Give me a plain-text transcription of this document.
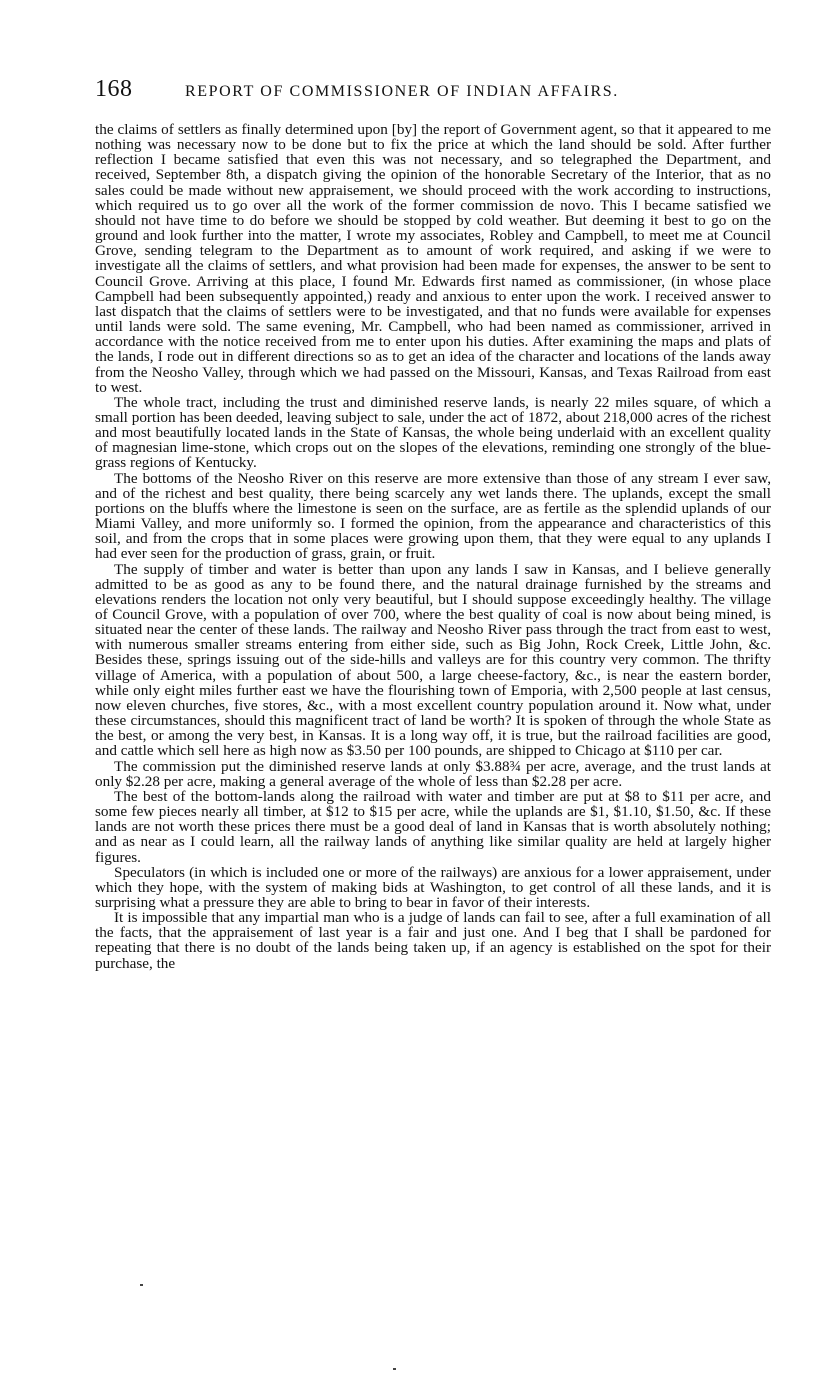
168	REPORT OF COMMISSIONER OF INDIAN AFFAIRS.

the claims of settlers as finally determined upon [by] the report of Government agent, so that it appeared to me nothing was necessary now to be done but to fix the price at which the land should be sold. After further reflection I became satisfied that even this was not necessary, and so telegraphed the Department, and received, September 8th, a dispatch giving the opinion of the honorable Secretary of the Interior, that as no sales could be made without new appraisement, we should proceed with the work according to instructions, which required us to go over all the work of the former commission de novo. This I became satisfied we should not have time to do before we should be stopped by cold weather. But deeming it best to go on the ground and look further into the matter, I wrote my associates, Robley and Campbell, to meet me at Council Grove, sending telegram to the Department as to amount of work required, and asking if we were to investigate all the claims of settlers, and what provision had been made for expenses, the answer to be sent to Council Grove. Arriving at this place, I found Mr. Edwards first named as commissioner, (in whose place Campbell had been subsequently appointed,) ready and anxious to enter upon the work. I received answer to last dispatch that the claims of settlers were to be investigated, and that no funds were available for expenses until lands were sold. The same evening, Mr. Campbell, who had been named as commissioner, arrived in accordance with the notice received from me to enter upon his duties. After examining the maps and plats of the lands, I rode out in different directions so as to get an idea of the character and locations of the lands away from the Neosho Valley, through which we had passed on the Missouri, Kansas, and Texas Railroad from east to west.

The whole tract, including the trust and diminished reserve lands, is nearly 22 miles square, of which a small portion has been deeded, leaving subject to sale, under the act of 1872, about 218,000 acres of the richest and most beautifully located lands in the State of Kansas, the whole being underlaid with an excellent quality of magnesian lime-stone, which crops out on the slopes of the elevations, reminding one strongly of the blue-grass regions of Kentucky.

The bottoms of the Neosho River on this reserve are more extensive than those of any stream I ever saw, and of the richest and best quality, there being scarcely any wet lands there. The uplands, except the small portions on the bluffs where the limestone is seen on the surface, are as fertile as the splendid uplands of our Miami Valley, and more uniformly so. I formed the opinion, from the appearance and characteristics of this soil, and from the crops that in some places were growing upon them, that they were equal to any uplands I had ever seen for the production of grass, grain, or fruit.

The supply of timber and water is better than upon any lands I saw in Kansas, and I believe generally admitted to be as good as any to be found there, and the natural drainage furnished by the streams and elevations renders the location not only very beautiful, but I should suppose exceedingly healthy. The village of Council Grove, with a population of over 700, where the best quality of coal is now about being mined, is situated near the center of these lands. The railway and Neosho River pass through the tract from east to west, with numerous smaller streams entering from either side, such as Big John, Rock Creek, Little John, &c. Besides these, springs issuing out of the side-hills and valleys are for this country very common. The thrifty village of America, with a population of about 500, a large cheese-factory, &c., is near the eastern border, while only eight miles further east we have the flourishing town of Emporia, with 2,500 people at last census, now eleven churches, five stores, &c., with a most excellent country population around it. Now what, under these circumstances, should this magnificent tract of land be worth? It is spoken of through the whole State as the best, or among the very best, in Kansas. It is a long way off, it is true, but the railroad facilities are good, and cattle which sell here as high now as $3.50 per 100 pounds, are shipped to Chicago at $110 per car.

The commission put the diminished reserve lands at only $3.88¾ per acre, average, and the trust lands at only $2.28 per acre, making a general average of the whole of less than $2.28 per acre.

The best of the bottom-lands along the railroad with water and timber are put at $8 to $11 per acre, and some few pieces nearly all timber, at $12 to $15 per acre, while the uplands are $1, $1.10, $1.50, &c. If these lands are not worth these prices there must be a good deal of land in Kansas that is worth absolutely nothing; and as near as I could learn, all the railway lands of anything like similar quality are held at largely higher figures.

Speculators (in which is included one or more of the railways) are anxious for a lower appraisement, under which they hope, with the system of making bids at Washington, to get control of all these lands, and it is surprising what a pressure they are able to bring to bear in favor of their interests.

It is impossible that any impartial man who is a judge of lands can fail to see, after a full examination of all the facts, that the appraisement of last year is a fair and just one. And I beg that I shall be pardoned for repeating that there is no doubt of the lands being taken up, if an agency is established on the spot for their purchase, the
